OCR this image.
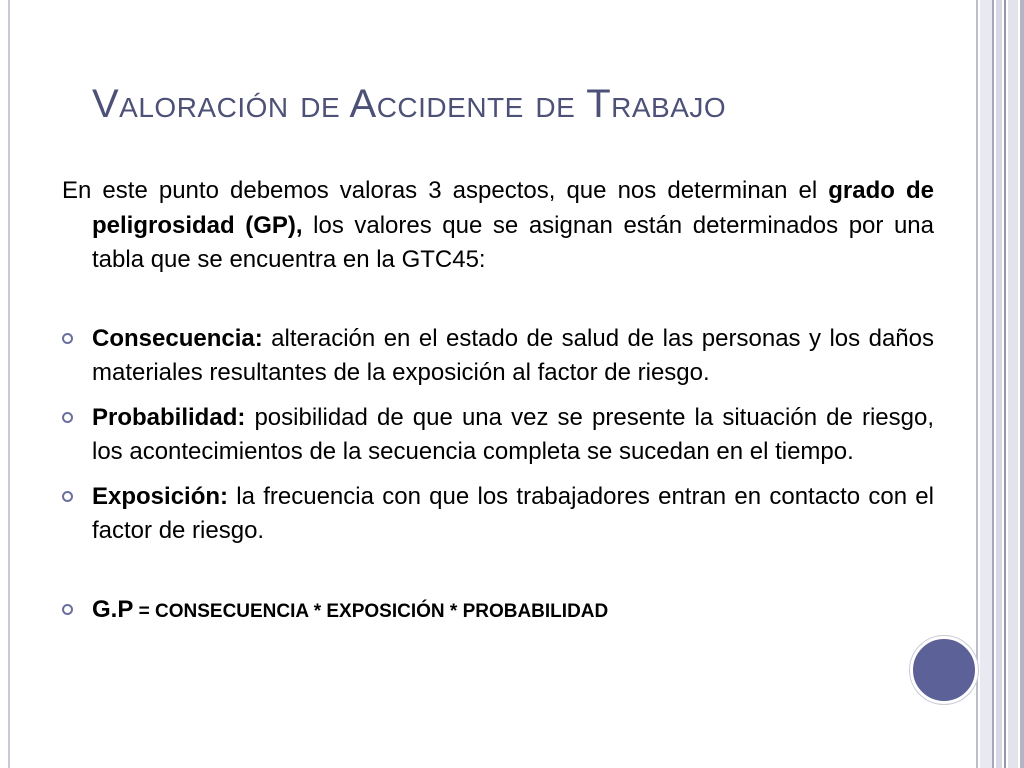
Valoración de Accidente de Trabajo

En este punto debemos valoras 3 aspectos, que nos determinan el grado de peligrosidad (GP), los valores que se asignan están determinados por una tabla que se encuentra en la GTC45:

Consecuencia: alteración en el estado de salud de las personas y los daños materiales resultantes de la exposición al factor de riesgo.

Probabilidad: posibilidad de que una vez se presente la situación de riesgo, los acontecimientos de la secuencia completa se sucedan en el tiempo.

Exposición: la frecuencia con que los trabajadores entran en contacto con el factor de riesgo.

G.P = CONSECUENCIA * EXPOSICIÓN * PROBABILIDAD
